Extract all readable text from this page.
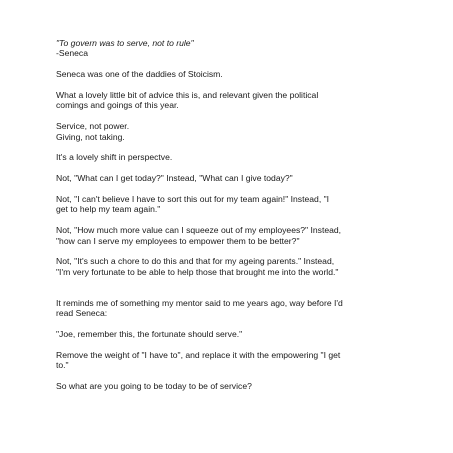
"To govern was to serve, not to rule"
-Seneca

Seneca was one of the daddies of Stoicism.

What a lovely little bit of advice this is, and relevant given the political
comings and goings of this year.

Service, not power.
Giving, not taking.

It's a lovely shift in perspectve.

Not, "What can I get today?" Instead, "What can I give today?"

Not, "I can't believe I have to sort this out for my team again!" Instead, "I
get to help my team again."

Not, "How much more value can I squeeze out of my employees?" Instead,
"how can I serve my employees to empower them to be better?"

Not, "It's such a chore to do this and that for my ageing parents." Instead,
"I'm very fortunate to be able to help those that brought me into the world."

It reminds me of something my mentor said to me years ago, way before I'd
read Seneca:

"Joe, remember this, the fortunate should serve."

Remove the weight of "I have to", and replace it with the empowering "I get
to."

So what are you going to be today to be of service?
